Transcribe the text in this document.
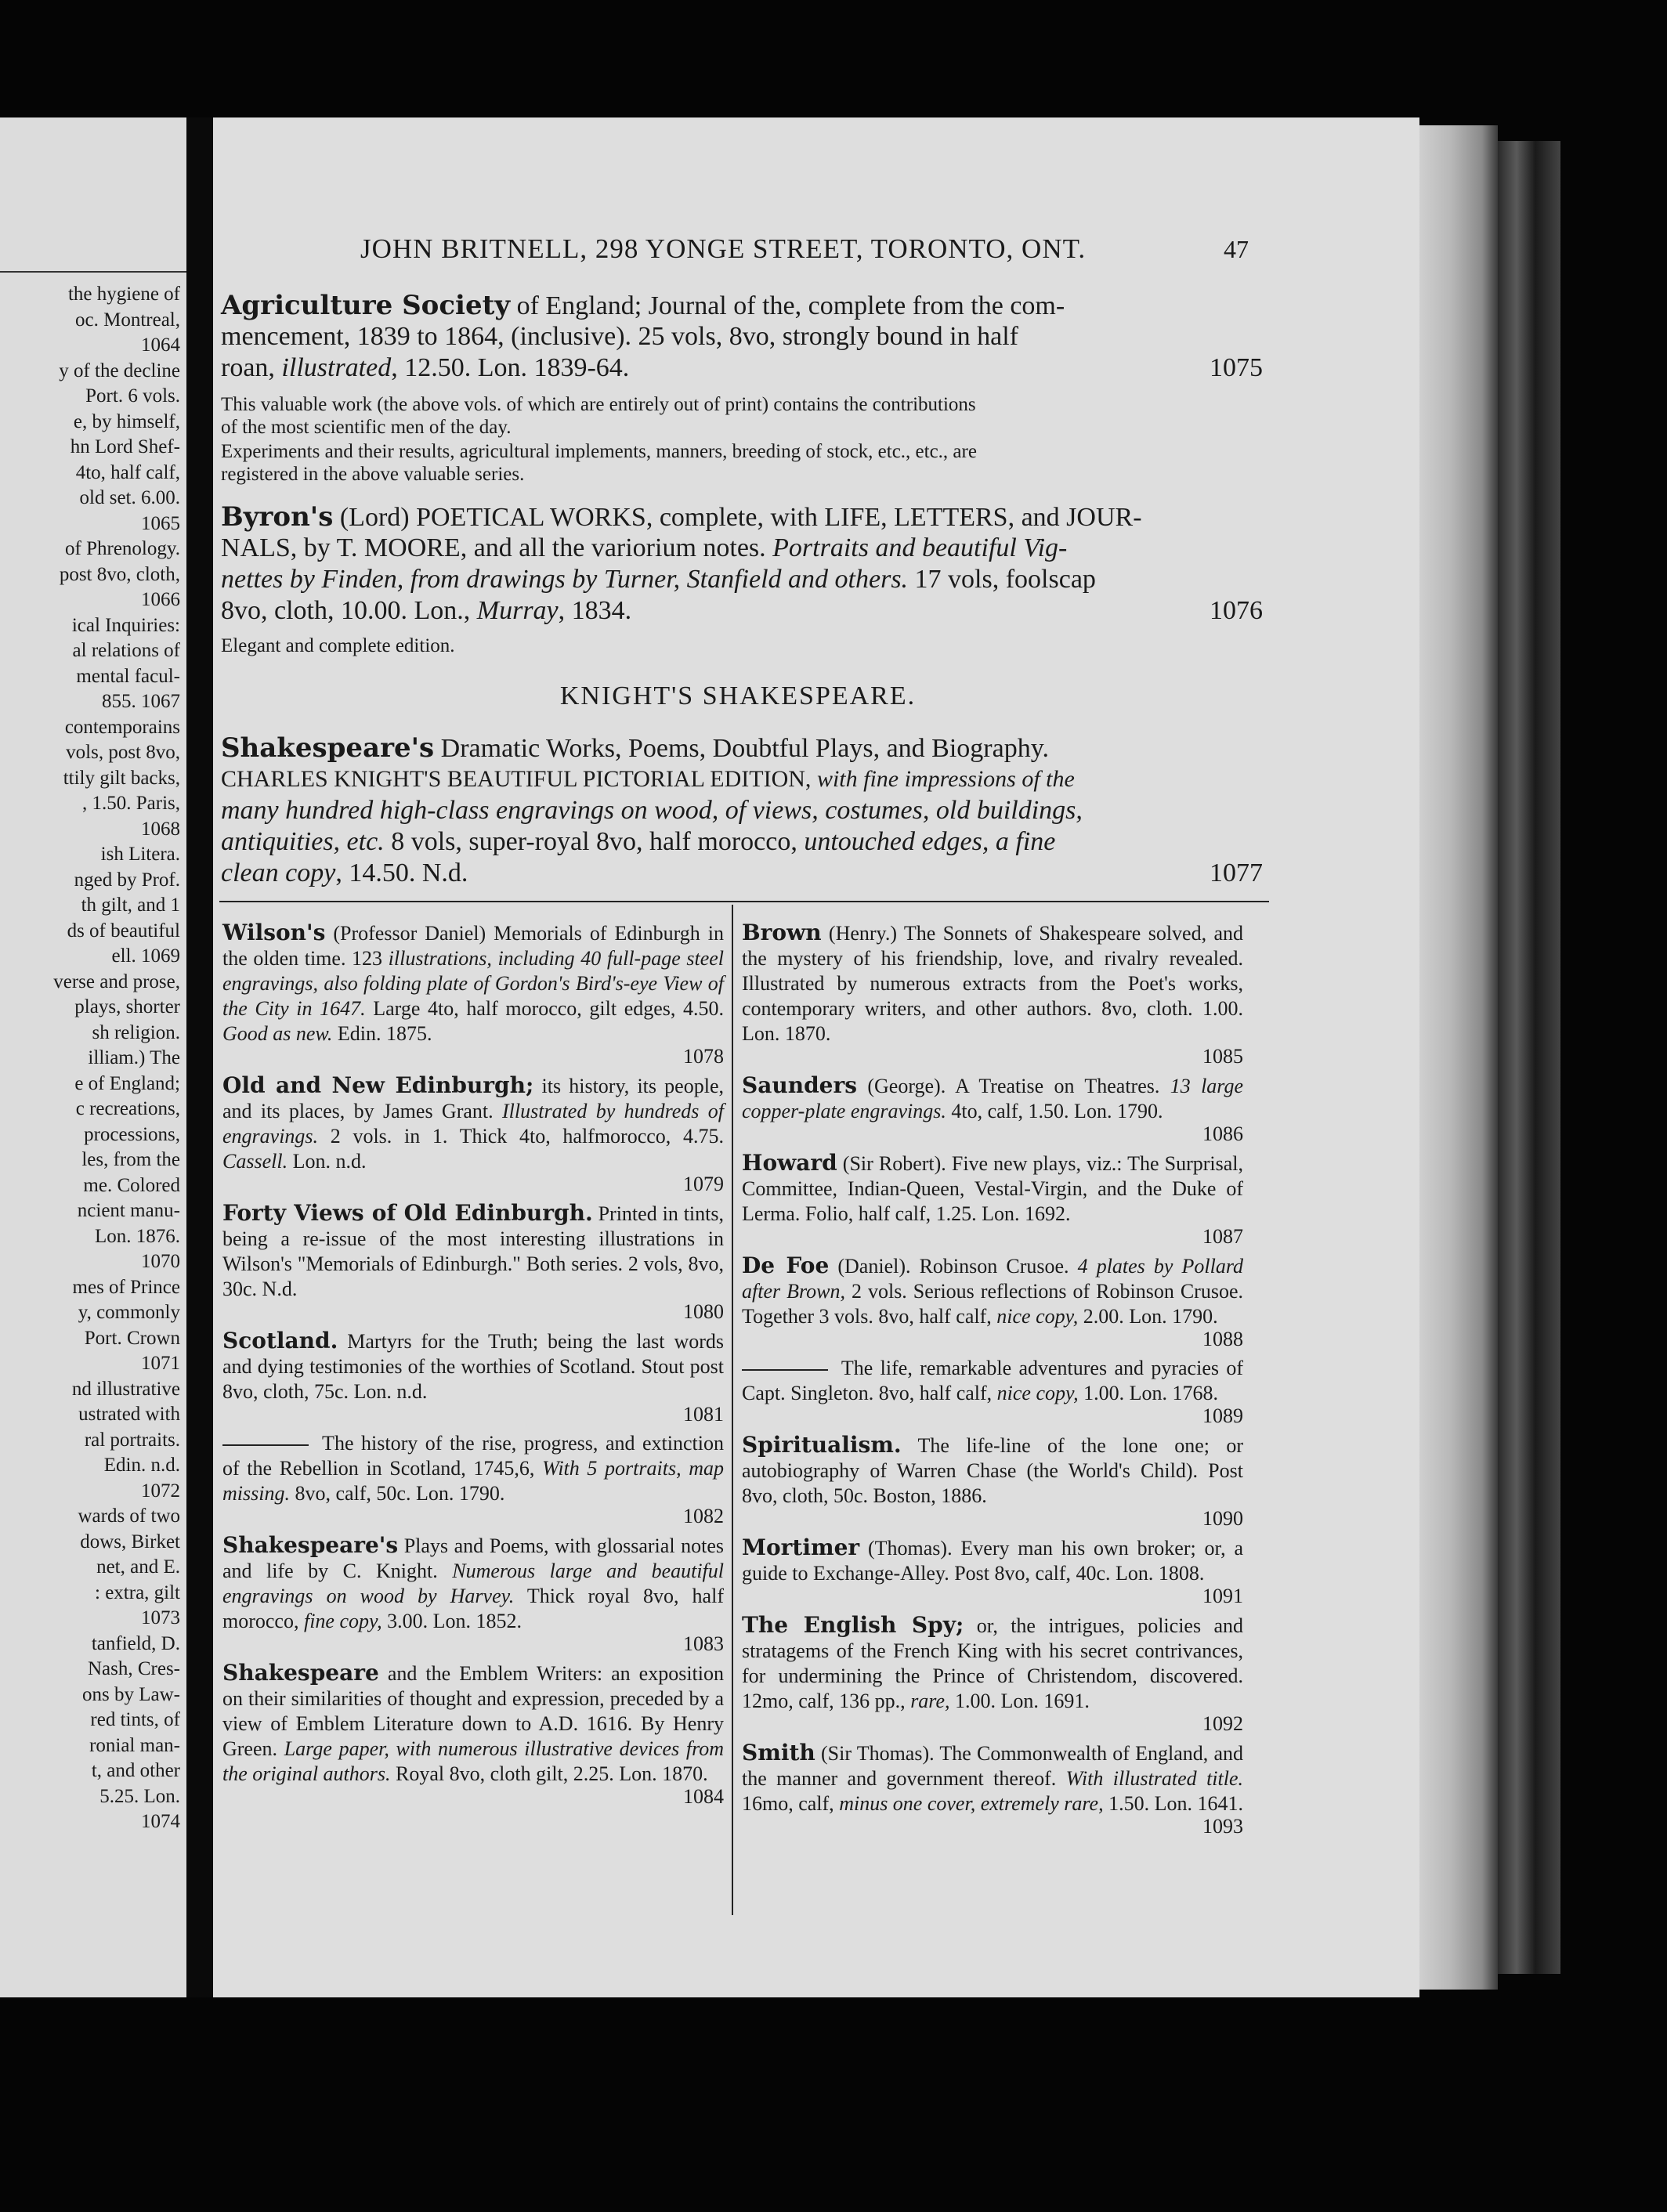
the hygiene of
oc. Montreal,
1064
y of the decline
Port. 6 vols.
e, by himself,
hn Lord Shef-
4to, half calf,
old set. 6.00.
1065
of Phrenology.
post 8vo, cloth,
1066
ical Inquiries:
al relations of
mental facul-
855. 1067
contemporains
vols, post 8vo,
ttily gilt backs,
, 1.50. Paris,
1068
ish Litera.
nged by Prof.
th gilt, and 1
ds of beautiful
ell. 1069
verse and prose,
plays, shorter
sh religion.
illiam.) The
e of England;
c recreations,
processions,
les, from the
me. Colored
ncient manu-
Lon. 1876.
1070
mes of Prince
y, commonly
Port. Crown
1071
nd illustrative
ustrated with
ral portraits.
Edin. n.d.
1072
wards of two
dows, Birket
net, and E.
: extra, gilt
1073
tanfield, D.
Nash, Cres-
ons by Law-
red tints, of
ronial man-
t, and other
5.25. Lon.
1074
JOHN BRITNELL, 298 YONGE STREET, TORONTO, ONT.	47
Agriculture Society of England; Journal of the, complete from the com-
mencement, 1839 to 1864, (inclusive). 25 vols, 8vo, strongly bound in half
roan, illustrated, 12.50. Lon. 1839-64.	1075
This valuable work (the above vols. of which are entirely out of print) contains the contributions
of the most scientific men of the day.
Experiments and their results, agricultural implements, manners, breeding of stock, etc., etc., are
registered in the above valuable series.
Byron's (Lord) POETICAL WORKS, complete, with LIFE, LETTERS, and JOUR-
NALS, by T. MOORE, and all the variorium notes. Portraits and beautiful Vig-
nettes by Finden, from drawings by Turner, Stanfield and others. 17 vols, foolscap
8vo, cloth, 10.00. Lon., Murray, 1834.	1076
Elegant and complete edition.
KNIGHT'S SHAKESPEARE.
Shakespeare's Dramatic Works, Poems, Doubtful Plays, and Biography.
CHARLES KNIGHT'S BEAUTIFUL PICTORIAL EDITION, with fine impressions of the
many hundred high-class engravings on wood, of views, costumes, old buildings,
antiquities, etc. 8 vols, super-royal 8vo, half morocco, untouched edges, a fine
clean copy, 14.50. N.d.	1077
Wilson's (Professor Daniel) Memorials of Edinburgh in the olden time. 123 illustrations, including 40 full-page steel engravings, also folding plate of Gordon's Bird's-eye View of the City in 1647. Large 4to, half morocco, gilt edges, 4.50. Good as new. Edin. 1875.
1078
Old and New Edinburgh; its history, its people, and its places, by James Grant. Illustrated by hundreds of engravings. 2 vols. in 1. Thick 4to, halfmorocco, 4.75. Cassell. Lon. n.d.
1079
Forty Views of Old Edinburgh. Printed in tints, being a re-issue of the most interesting illustrations in Wilson's "Memorials of Edinburgh." Both series. 2 vols, 8vo, 30c. N.d.
1080
Scotland. Martyrs for the Truth; being the last words and dying testimonies of the worthies of Scotland. Stout post 8vo, cloth, 75c. Lon. n.d.
1081
The history of the rise, progress, and extinction of the Rebellion in Scotland, 1745,6, With 5 portraits, map missing. 8vo, calf, 50c. Lon. 1790.
1082
Shakespeare's Plays and Poems, with glossarial notes and life by C. Knight. Numerous large and beautiful engravings on wood by Harvey. Thick royal 8vo, half morocco, fine copy, 3.00. Lon. 1852.
1083
Shakespeare and the Emblem Writers: an exposition on their similarities of thought and expression, preceded by a view of Emblem Literature down to A.D. 1616. By Henry Green. Large paper, with numerous illustrative devices from the original authors. Royal 8vo, cloth gilt, 2.25. Lon. 1870.
1084
Brown (Henry.) The Sonnets of Shakespeare solved, and the mystery of his friendship, love, and rivalry revealed. Illustrated by numerous extracts from the Poet's works, contemporary writers, and other authors. 8vo, cloth. 1.00. Lon. 1870.
1085
Saunders (George). A Treatise on Theatres. 13 large copper-plate engravings. 4to, calf, 1.50. Lon. 1790.
1086
Howard (Sir Robert). Five new plays, viz.: The Surprisal, Committee, Indian-Queen, Vestal-Virgin, and the Duke of Lerma. Folio, half calf, 1.25. Lon. 1692.
1087
De Foe (Daniel). Robinson Crusoe. 4 plates by Pollard after Brown, 2 vols. Serious reflections of Robinson Crusoe. Together 3 vols. 8vo, half calf, nice copy, 2.00. Lon. 1790.
1088
The life, remarkable adventures and pyracies of Capt. Singleton. 8vo, half calf, nice copy, 1.00. Lon. 1768.
1089
Spiritualism. The life-line of the lone one; or autobiography of Warren Chase (the World's Child). Post 8vo, cloth, 50c. Boston, 1886.
1090
Mortimer (Thomas). Every man his own broker; or, a guide to Exchange-Alley. Post 8vo, calf, 40c. Lon. 1808.
1091
The English Spy; or, the intrigues, policies and stratagems of the French King with his secret contrivances, for undermining the Prince of Christendom, discovered. 12mo, calf, 136 pp., rare, 1.00. Lon. 1691.
1092
Smith (Sir Thomas). The Commonwealth of England, and the manner and government thereof. With illustrated title. 16mo, calf, minus one cover, extremely rare, 1.50. Lon. 1641.
1093
